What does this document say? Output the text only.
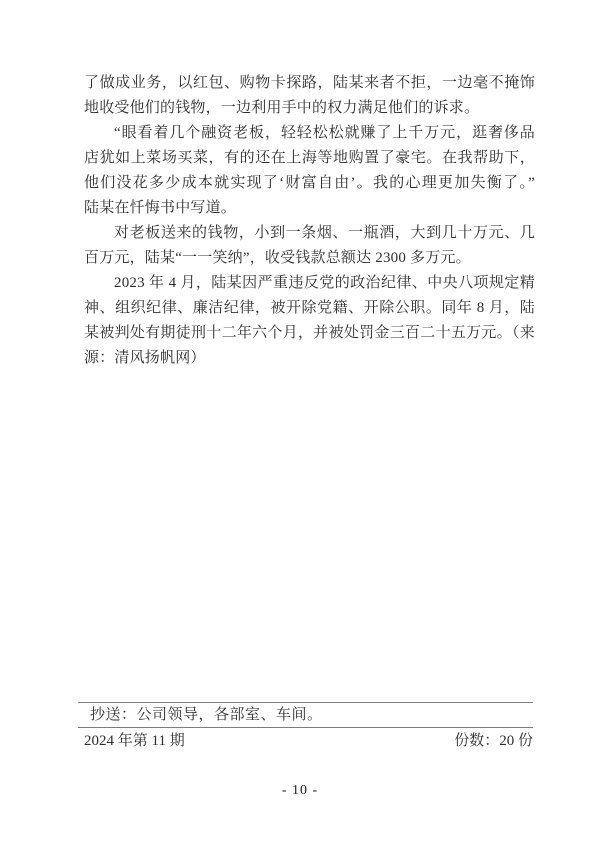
了做成业务，以红包、购物卡探路，陆某来者不拒，一边毫不掩饰
地收受他们的钱物，一边利用手中的权力满足他们的诉求。
“眼看着几个融资老板，轻轻松松就赚了上千万元，逛奢侈品
店犹如上菜场买菜，有的还在上海等地购置了豪宅。在我帮助下，
他们没花多少成本就实现了‘财富自由’。我的心理更加失衡了。”
陆某在忏悔书中写道。
对老板送来的钱物，小到一条烟、一瓶酒，大到几十万元、几
百万元，陆某“一一笑纳”，收受钱款总额达 2300 多万元。
2023 年 4 月，陆某因严重违反党的政治纪律、中央八项规定精
神、组织纪律、廉洁纪律，被开除党籍、开除公职。同年 8 月，陆
某被判处有期徒刑十二年六个月，并被处罚金三百二十五万元。（来
源：清风扬帆网）
抄送：公司领导，各部室、车间。
2024 年第 11 期	份数：20 份
- 10 -
